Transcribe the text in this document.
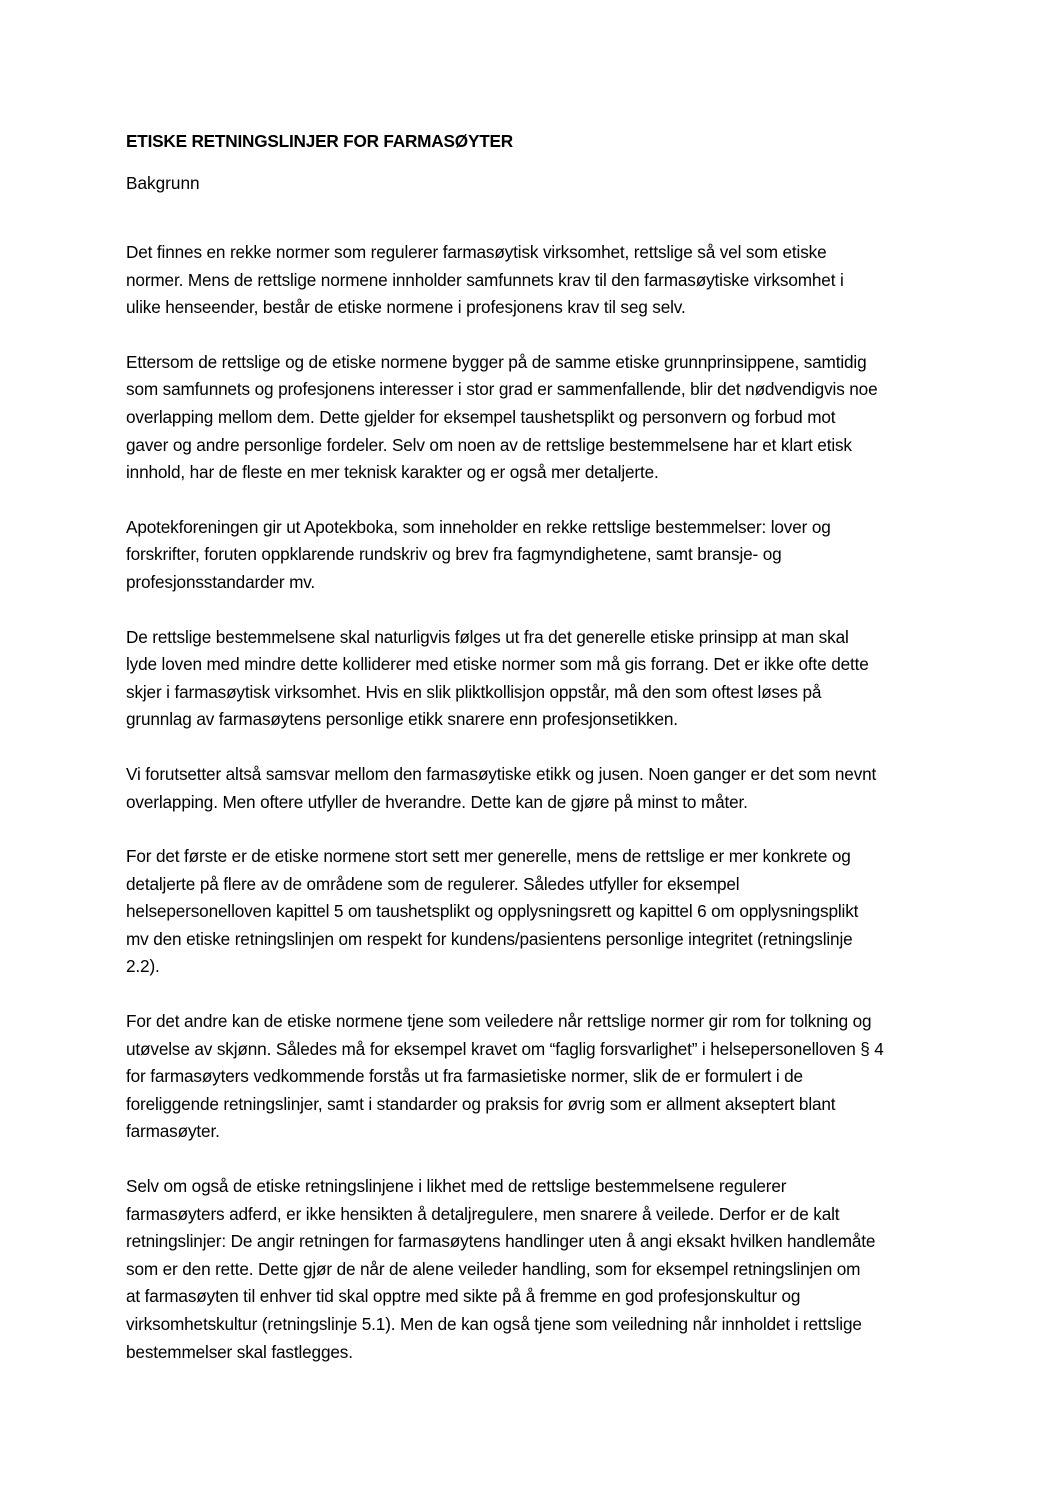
ETISKE RETNINGSLINJER FOR FARMASØYTER
Bakgrunn
Det finnes en rekke normer som regulerer farmasøytisk virksomhet, rettslige så vel som etiske
normer. Mens de rettslige normene innholder samfunnets krav til den farmasøytiske virksomhet i
ulike henseender, består de etiske normene i profesjonens krav til seg selv.
Ettersom de rettslige og de etiske normene bygger på de samme etiske grunnprinsippene, samtidig
som samfunnets og profesjonens interesser i stor grad er sammenfallende, blir det nødvendigvis noe
overlapping mellom dem. Dette gjelder for eksempel taushetsplikt og personvern og forbud mot
gaver og andre personlige fordeler. Selv om noen av de rettslige bestemmelsene har et klart etisk
innhold, har de fleste en mer teknisk karakter og er også mer detaljerte.
Apotekforeningen gir ut Apotekboka, som inneholder en rekke rettslige bestemmelser: lover og
forskrifter, foruten oppklarende rundskriv og brev fra fagmyndighetene, samt bransje- og
profesjonsstandarder mv.
De rettslige bestemmelsene skal naturligvis følges ut fra det generelle etiske prinsipp at man skal
lyde loven med mindre dette kolliderer med etiske normer som må gis forrang. Det er ikke ofte dette
skjer i farmasøytisk virksomhet. Hvis en slik pliktkollisjon oppstår, må den som oftest løses på
grunnlag av farmasøytens personlige etikk snarere enn profesjonsetikken.
Vi forutsetter altså samsvar mellom den farmasøytiske etikk og jusen. Noen ganger er det som nevnt
overlapping. Men oftere utfyller de hverandre. Dette kan de gjøre på minst to måter.
For det første er de etiske normene stort sett mer generelle, mens de rettslige er mer konkrete og
detaljerte på flere av de områdene som de regulerer. Således utfyller for eksempel
helsepersonelloven kapittel 5 om taushetsplikt og opplysningsrett og kapittel 6 om opplysningsplikt
mv den etiske retningslinjen om respekt for kundens/pasientens personlige integritet (retningslinje
2.2).
For det andre kan de etiske normene tjene som veiledere når rettslige normer gir rom for tolkning og
utøvelse av skjønn. Således må for eksempel kravet om “faglig forsvarlighet” i helsepersonelloven § 4
for farmasøyters vedkommende forstås ut fra farmasietiske normer, slik de er formulert i de
foreliggende retningslinjer, samt i standarder og praksis for øvrig som er allment akseptert blant
farmasøyter.
Selv om også de etiske retningslinjene i likhet med de rettslige bestemmelsene regulerer
farmasøyters adferd, er ikke hensikten å detaljregulere, men snarere å veilede. Derfor er de kalt
retningslinjer: De angir retningen for farmasøytens handlinger uten å angi eksakt hvilken handlemåte
som er den rette. Dette gjør de når de alene veileder handling, som for eksempel retningslinjen om
at farmasøyten til enhver tid skal opptre med sikte på å fremme en god profesjonskultur og
virksomhetskultur (retningslinje 5.1). Men de kan også tjene som veiledning når innholdet i rettslige
bestemmelser skal fastlegges.
